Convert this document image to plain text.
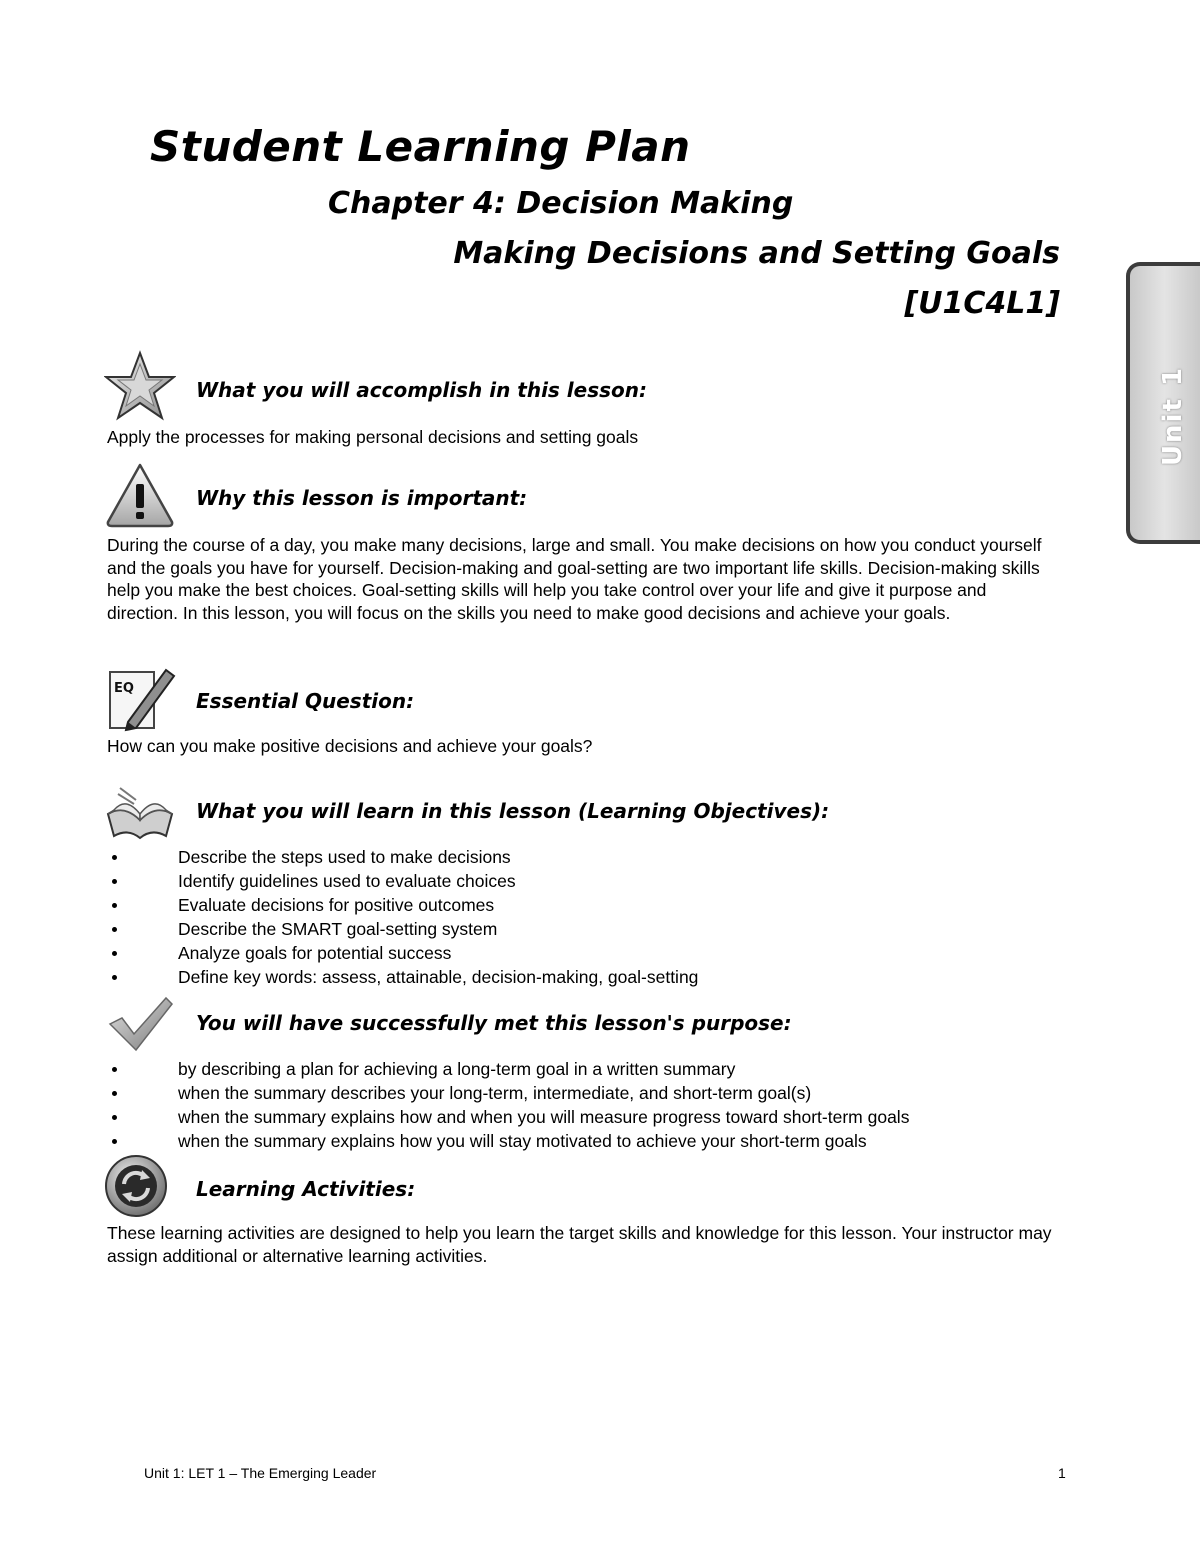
Student Learning Plan

Chapter 4: Decision Making

Making Decisions and Setting Goals

[U1C4L1]

Unit 1

What you will accomplish in this lesson:

Apply the processes for making personal decisions and setting goals

Why this lesson is important:

During the course of a day, you make many decisions, large and small. You make decisions on how you conduct yourself and the goals you have for yourself. Decision-making and goal-setting are two important life skills. Decision-making skills help you make the best choices. Goal-setting skills will help you take control over your life and give it purpose and direction. In this lesson, you will focus on the skills you need to make good decisions and achieve your goals.

EQ

Essential Question:

How can you make positive decisions and achieve your goals?

What you will learn in this lesson (Learning Objectives):

Describe the steps used to make decisions
Identify guidelines used to evaluate choices
Evaluate decisions for positive outcomes
Describe the SMART goal-setting system
Analyze goals for potential success
Define key words: assess, attainable, decision-making, goal-setting

You will have successfully met this lesson's purpose:

by describing a plan for achieving a long-term goal in a written summary
when the summary describes your long-term, intermediate, and short-term goal(s)
when the summary explains how and when you will measure progress toward short-term goals
when the summary explains how you will stay motivated to achieve your short-term goals

Learning Activities:

These learning activities are designed to help you learn the target skills and knowledge for this lesson. Your instructor may assign additional or alternative learning activities.

Unit 1: LET 1 – The Emerging Leader	1
